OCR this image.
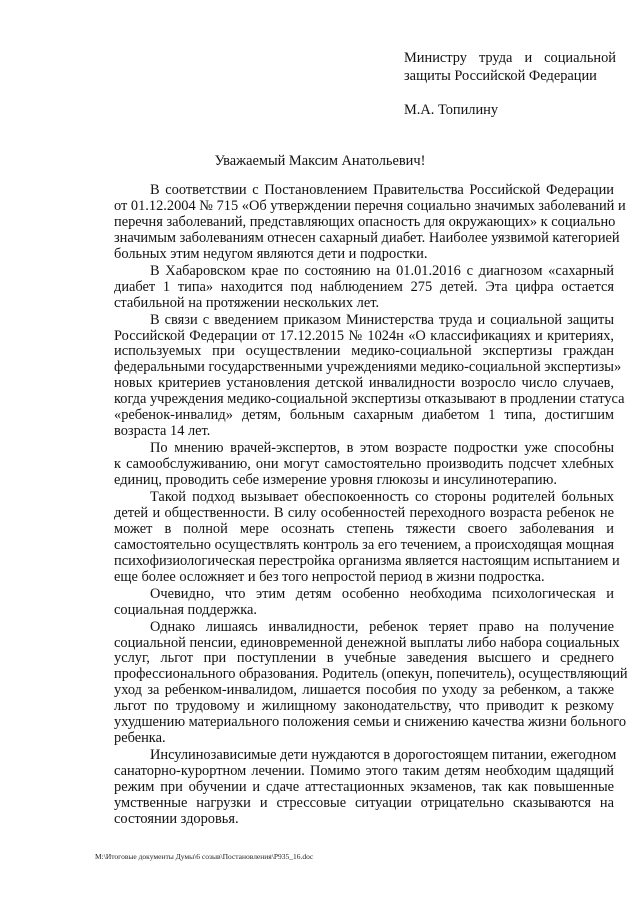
Министру труда и социальной
защиты Российской Федерации
М.А. Топилину
Уважаемый Максим Анатольевич!
В соответствии с Постановлением Правительства Российской Федерации
от 01.12.2004 № 715 «Об утверждении перечня социально значимых заболеваний и
перечня заболеваний, представляющих опасность для окружающих» к социально
значимым заболеваниям отнесен сахарный диабет. Наиболее уязвимой категорией
больных этим недугом являются дети и подростки.
В Хабаровском крае по состоянию на 01.01.2016 с диагнозом «сахарный
диабет 1 типа» находится под наблюдением 275 детей. Эта цифра остается
стабильной на протяжении нескольких лет.
В связи с введением приказом Министерства труда и социальной защиты
Российской Федерации от 17.12.2015 № 1024н «О классификациях и критериях,
используемых при осуществлении медико-социальной экспертизы граждан
федеральными государственными учреждениями медико-социальной экспертизы»
новых критериев установления детской инвалидности возросло число случаев,
когда учреждения медико-социальной экспертизы отказывают в продлении статуса
«ребенок-инвалид» детям, больным сахарным диабетом 1 типа, достигшим
возраста 14 лет.
По мнению врачей-экспертов, в этом возрасте подростки уже способны
к самообслуживанию, они могут самостоятельно производить подсчет хлебных
единиц, проводить себе измерение уровня глюкозы и инсулинотерапию.
Такой подход вызывает обеспокоенность со стороны родителей больных
детей и общественности. В силу особенностей переходного возраста ребенок не
может в полной мере осознать степень тяжести своего заболевания и
самостоятельно осуществлять контроль за его течением, а происходящая мощная
психофизиологическая перестройка организма является настоящим испытанием и
еще более осложняет и без того непростой период в жизни подростка.
Очевидно, что этим детям особенно необходима психологическая и
социальная поддержка.
Однако лишаясь инвалидности, ребенок теряет право на получение
социальной пенсии, единовременной денежной выплаты либо набора социальных
услуг, льгот при поступлении в учебные заведения высшего и среднего
профессионального образования. Родитель (опекун, попечитель), осуществляющий
уход за ребенком-инвалидом, лишается пособия по уходу за ребенком, а также
льгот по трудовому и жилищному законодательству, что приводит к резкому
ухудшению материального положения семьи и снижению качества жизни больного
ребенка.
Инсулинозависимые дети нуждаются в дорогостоящем питании, ежегодном
санаторно-курортном лечении. Помимо этого таким детям необходим щадящий
режим при обучении и сдаче аттестационных экзаменов, так как повышенные
умственные нагрузки и стрессовые ситуации отрицательно сказываются на
состоянии здоровья.
М:\Итоговые документы Думы\6 созыв\Постановления\P935_16.doc
